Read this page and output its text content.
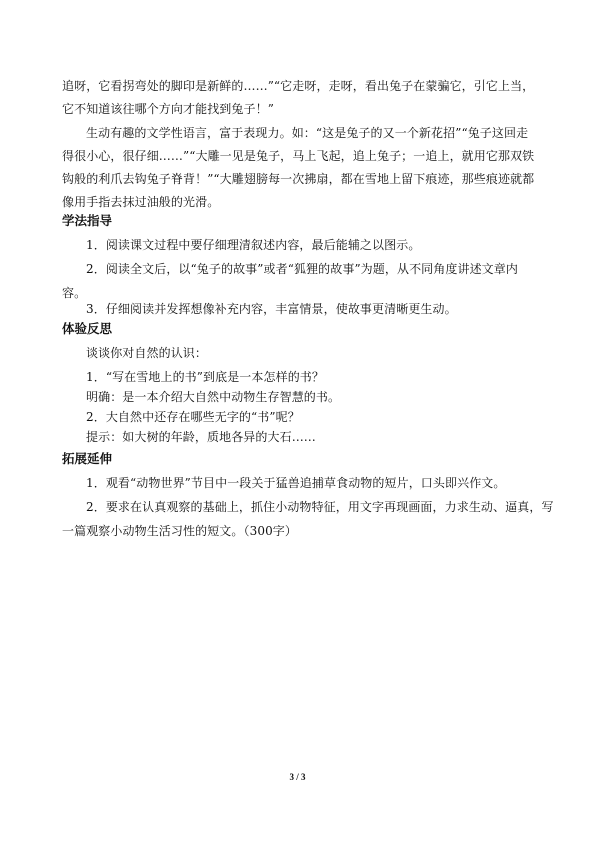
追呀，它看拐弯处的脚印是新鲜的……”“它走呀，走呀，看出兔子在蒙骗它，引它上当，
它不知道该往哪个方向才能找到兔子！”
生动有趣的文学性语言，富于表现力。如：“这是兔子的又一个新花招”“兔子这回走
得很小心，很仔细……”“大雕一见是兔子，马上飞起，追上兔子；一追上，就用它那双铁
钩般的利爪去钩兔子脊背！”“大雕翅膀每一次拂扇，都在雪地上留下痕迹，那些痕迹就都
像用手指去抹过油般的光滑。
学法指导
1．阅读课文过程中要仔细理清叙述内容，最后能辅之以图示。
2．阅读全文后，以“兔子的故事”或者“狐狸的故事”为题，从不同角度讲述文章内
容。
3．仔细阅读并发挥想像补充内容，丰富情景，使故事更清晰更生动。
体验反思
谈谈你对自然的认识：
1．“写在雪地上的书”到底是一本怎样的书？
明确：是一本介绍大自然中动物生存智慧的书。
2．大自然中还存在哪些无字的“书”呢？
提示：如大树的年龄，质地各异的大石……
拓展延伸
1．观看“动物世界”节目中一段关于猛兽追捕草食动物的短片，口头即兴作文。
2．要求在认真观察的基础上，抓住小动物特征，用文字再现画面，力求生动、逼真，写
一篇观察小动物生活习性的短文。（300字）
3 / 3
